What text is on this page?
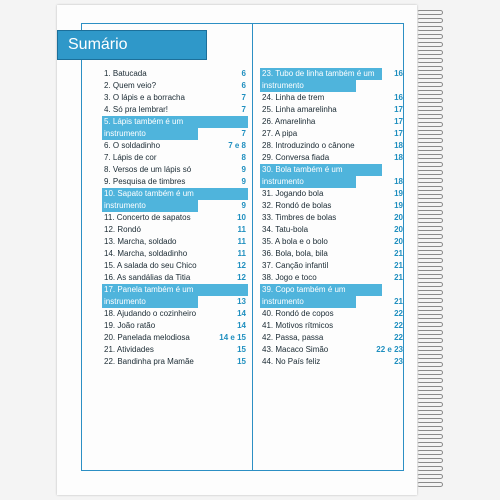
Sumário
1. Batucada	6
2. Quem veio?	6
3. O lápis e a borracha	7
4. Só pra lembrar!	7
5. Lápis também é um
instrumento	7
6. O soldadinho	7 e 8
7. Lápis de cor	8
8. Versos de um lápis só	9
9. Pesquisa de timbres	9
10. Sapato também é um
instrumento	9
11. Concerto de sapatos	10
12. Rondó	11
13. Marcha, soldado	11
14. Marcha, soldadinho	11
15. A salada do seu Chico	12
16. As sandálias da Titia	12
17. Panela também é um
instrumento	13
18. Ajudando o cozinheiro	14
19. João ratão	14
20. Panelada melodiosa	14 e 15
21. Atividades	15
22. Bandinha pra Mamãe	15
23. Tubo de linha também é um	16
instrumento
24. Linha de trem	16
25. Linha amarelinha	17
26. Amarelinha	17
27. A pipa	17
28. Introduzindo o cânone	18
29. Conversa fiada	18
30. Bola também é um
instrumento	18
31. Jogando bola	19
32. Rondó de bolas	19
33. Timbres de bolas	20
34. Tatu-bola	20
35. A bola e o bolo	20
36. Bola, bola, bila	21
37. Canção infantil	21
38. Jogo e toco	21
39. Copo também é um
instrumento	21
40. Rondó de copos	22
41. Motivos rítmicos	22
42. Passa, passa	22
43. Macaco Simão	22 e 23
44. No País feliz	23
